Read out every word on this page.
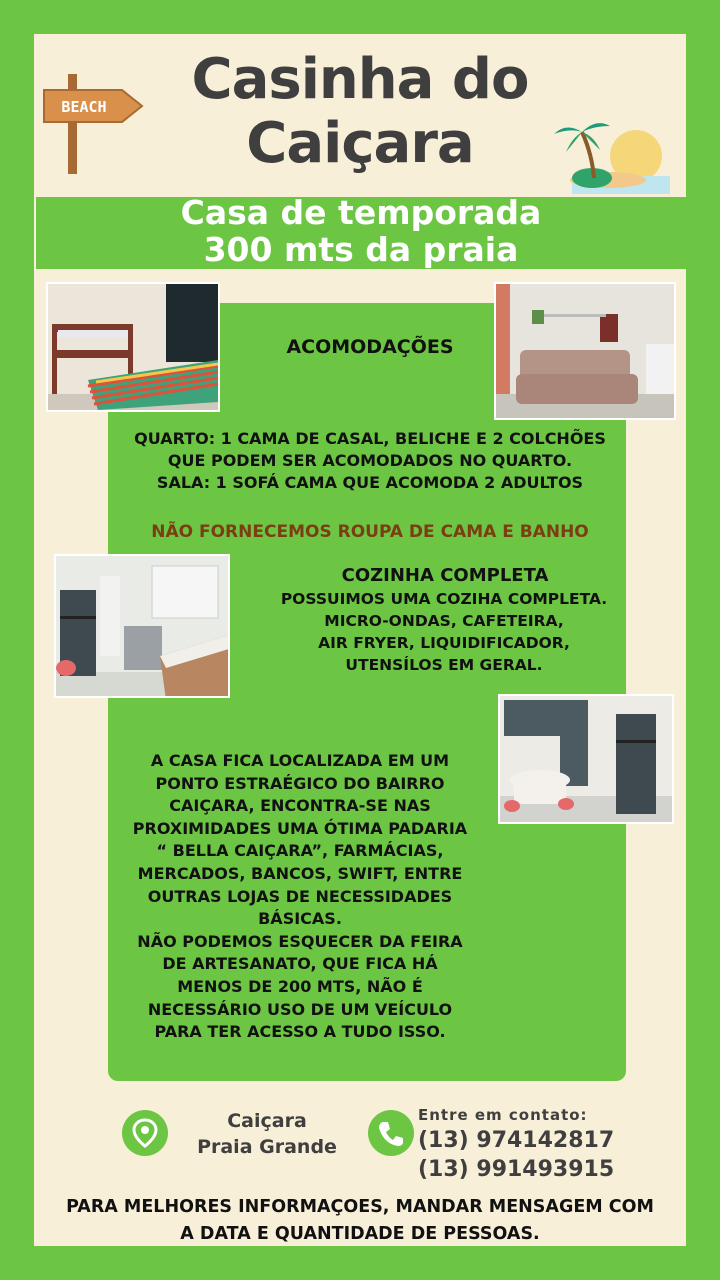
BEACH	Casinha do
Caiçara
Casa de temporada
300 mts da praia
ACOMODAÇÕES
QUARTO: 1 CAMA DE CASAL, BELICHE E 2 COLCHÕES
QUE PODEM SER ACOMODADOS NO QUARTO.
SALA: 1 SOFÁ CAMA QUE ACOMODA 2 ADULTOS
NÃO FORNECEMOS ROUPA DE CAMA E BANHO
COZINHA COMPLETA
POSSUIMOS UMA COZIHA COMPLETA.
MICRO-ONDAS, CAFETEIRA,
AIR FRYER, LIQUIDIFICADOR,
UTENSÍLOS EM GERAL.
A CASA FICA LOCALIZADA EM UM
PONTO ESTRAÉGICO DO BAIRRO
CAIÇARA, ENCONTRA-SE NAS
PROXIMIDADES UMA ÓTIMA PADARIA
“ BELLA CAIÇARA”, FARMÁCIAS,
MERCADOS, BANCOS, SWIFT, ENTRE
OUTRAS LOJAS DE NECESSIDADES
BÁSICAS.
NÃO PODEMOS ESQUECER DA FEIRA
DE ARTESANATO, QUE FICA HÁ
MENOS DE 200 MTS, NÃO É
NECESSÁRIO USO DE UM VEÍCULO
PARA TER ACESSO A TUDO ISSO.
Caiçara
Praia Grande
Entre em contato:
(13) 974142817
(13) 991493915
PARA MELHORES INFORMAÇOES, MANDAR MENSAGEM COM
A DATA E QUANTIDADE DE PESSOAS.
